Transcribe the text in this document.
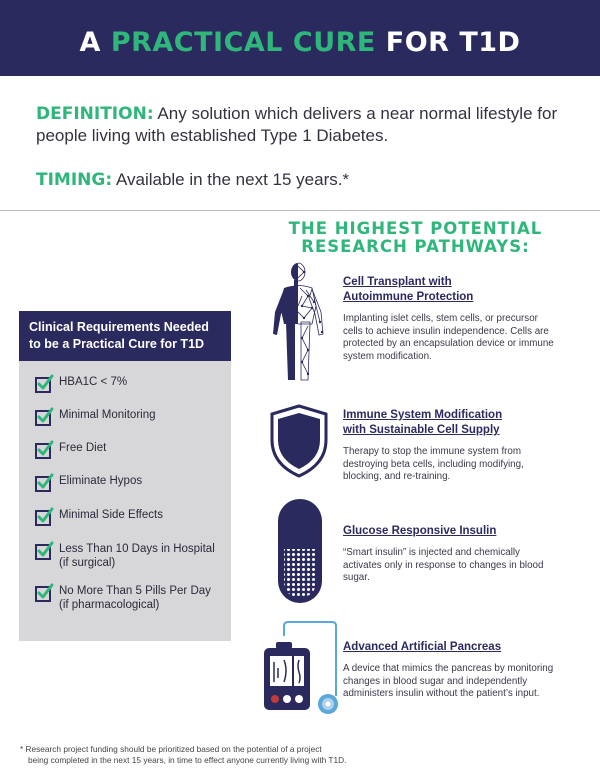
A PRACTICAL CURE FOR T1D

DEFINITION: Any solution which delivers a near normal lifestyle for people living with established Type 1 Diabetes.

TIMING: Available in the next 15 years.*

Clinical Requirements Needed
to be a Practical Cure for T1D
HBA1C < 7%
Minimal Monitoring
Free Diet
Eliminate Hypos
Minimal Side Effects
Less Than 10 Days in Hospital
(if surgical)
No More Than 5 Pills Per Day
(if pharmacological)
THE HIGHEST POTENTIAL
RESEARCH PATHWAYS:
Cell Transplant with
Autoimmune Protection
Implanting islet cells, stem cells, or precursor cells to achieve insulin independence. Cells are protected by an encapsulation device or immune system modification.
Immune System Modification
with Sustainable Cell Supply
Therapy to stop the immune system from destroying beta cells, including modifying, blocking, and re-training.
Glucose Responsive Insulin
“Smart insulin” is injected and chemically activates only in response to changes in blood sugar.
Advanced Artificial Pancreas
A device that mimics the pancreas by monitoring changes in blood sugar and independently administers insulin without the patient’s input.
* Research project funding should be prioritized based on the potential of a project
being completed in the next 15 years, in time to effect anyone currently living with T1D.
